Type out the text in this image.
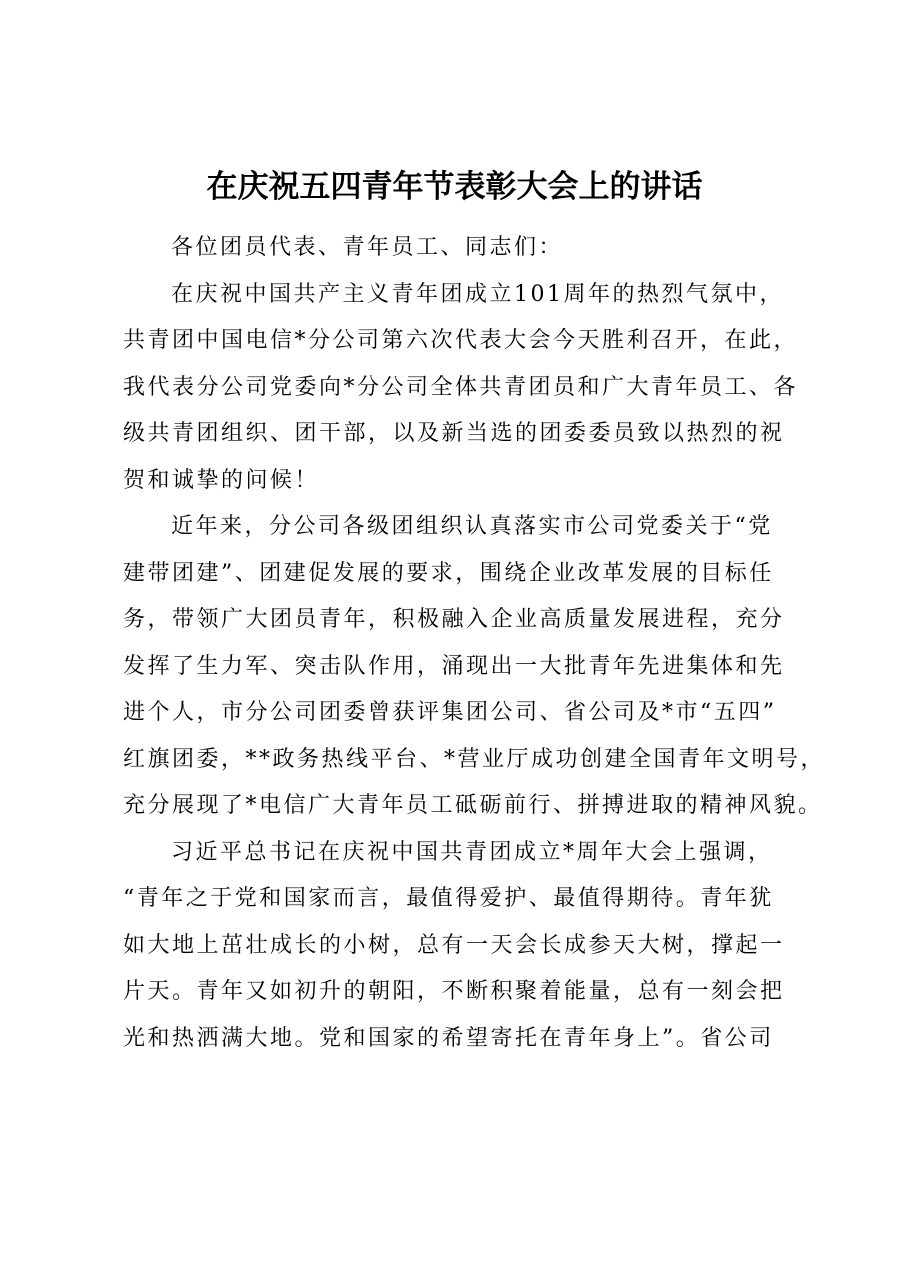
在庆祝五四青年节表彰大会上的讲话
各位团员代表、青年员工、同志们：
在庆祝中国共产主义青年团成立101周年的热烈气氛中，
共青团中国电信*分公司第六次代表大会今天胜利召开，在此，
我代表分公司党委向*分公司全体共青团员和广大青年员工、各
级共青团组织、团干部，以及新当选的团委委员致以热烈的祝
贺和诚挚的问候！
近年来，分公司各级团组织认真落实市公司党委关于“党
建带团建”、团建促发展的要求，围绕企业改革发展的目标任
务，带领广大团员青年，积极融入企业高质量发展进程，充分
发挥了生力军、突击队作用，涌现出一大批青年先进集体和先
进个人，市分公司团委曾获评集团公司、省公司及*市“五四”
红旗团委，**政务热线平台、*营业厅成功创建全国青年文明号，
充分展现了*电信广大青年员工砥砺前行、拼搏进取的精神风貌。
习近平总书记在庆祝中国共青团成立*周年大会上强调，
“青年之于党和国家而言，最值得爱护、最值得期待。青年犹
如大地上茁壮成长的小树，总有一天会长成参天大树，撑起一
片天。青年又如初升的朝阳，不断积聚着能量，总有一刻会把
光和热洒满大地。党和国家的希望寄托在青年身上”。省公司
